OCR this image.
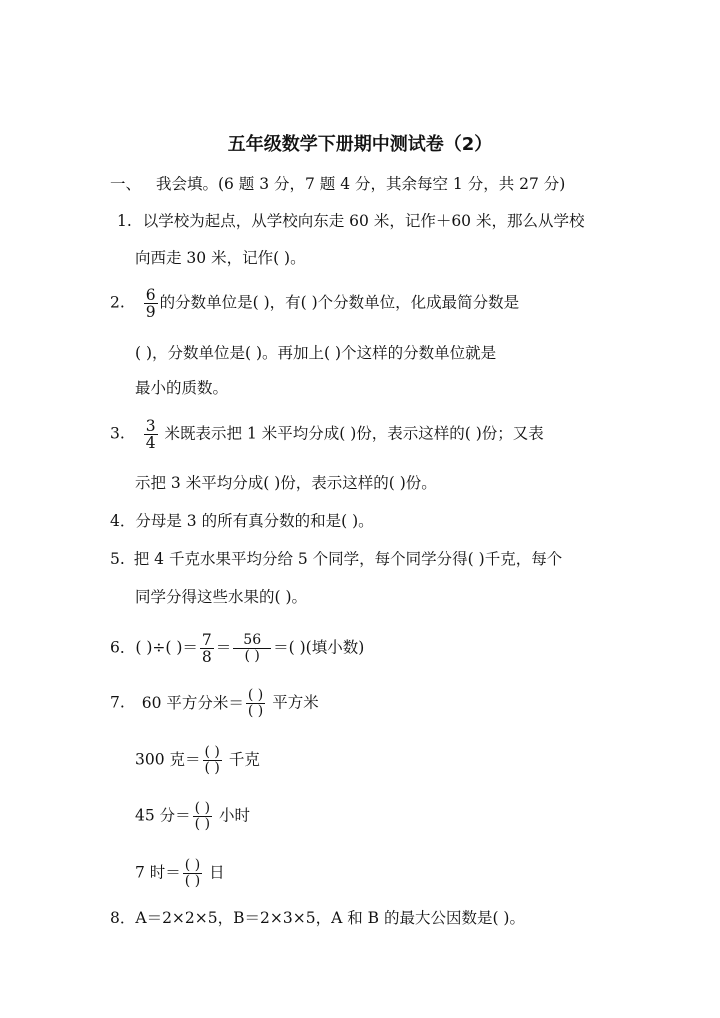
五年级数学下册期中测试卷（2）
一、 我会填。(6 题 3 分，7 题 4 分，其余每空 1 分，共 27 分)
1. 以学校为起点，从学校向东走 60 米，记作＋60 米，那么从学校
向西走 30 米，记作( )。
2. $\frac{6}{9}$ 的分数单位是( )，有( )个分数单位，化成最简分数是
( )，分数单位是( )。再加上( )个这样的分数单位就是
最小的质数。
3. $\frac{3}{4}$ 米既表示把 1 米平均分成( )份，表示这样的( )份；又表
示把 3 米平均分成( )份，表示这样的( )份。
4．分母是 3 的所有真分数的和是( )。
5. 把 4 千克水果平均分给 5 个同学，每个同学分得( )千克，每个
同学分得这些水果的( )。
6．( )÷( )＝ $\frac{7}{8} = \frac{56}{( )}$ ＝( )(填小数)
7. 60 平方分米＝ $\frac{( )}{( )}$ 平方米
300 克＝ $\frac{( )}{( )}$ 千克
45 分＝ $\frac{( )}{( )}$ 小时
7 时＝ $\frac{( )}{( )}$ 日
8．A＝2×2×5，B＝2×3×5，A 和 B 的最大公因数是( )。
